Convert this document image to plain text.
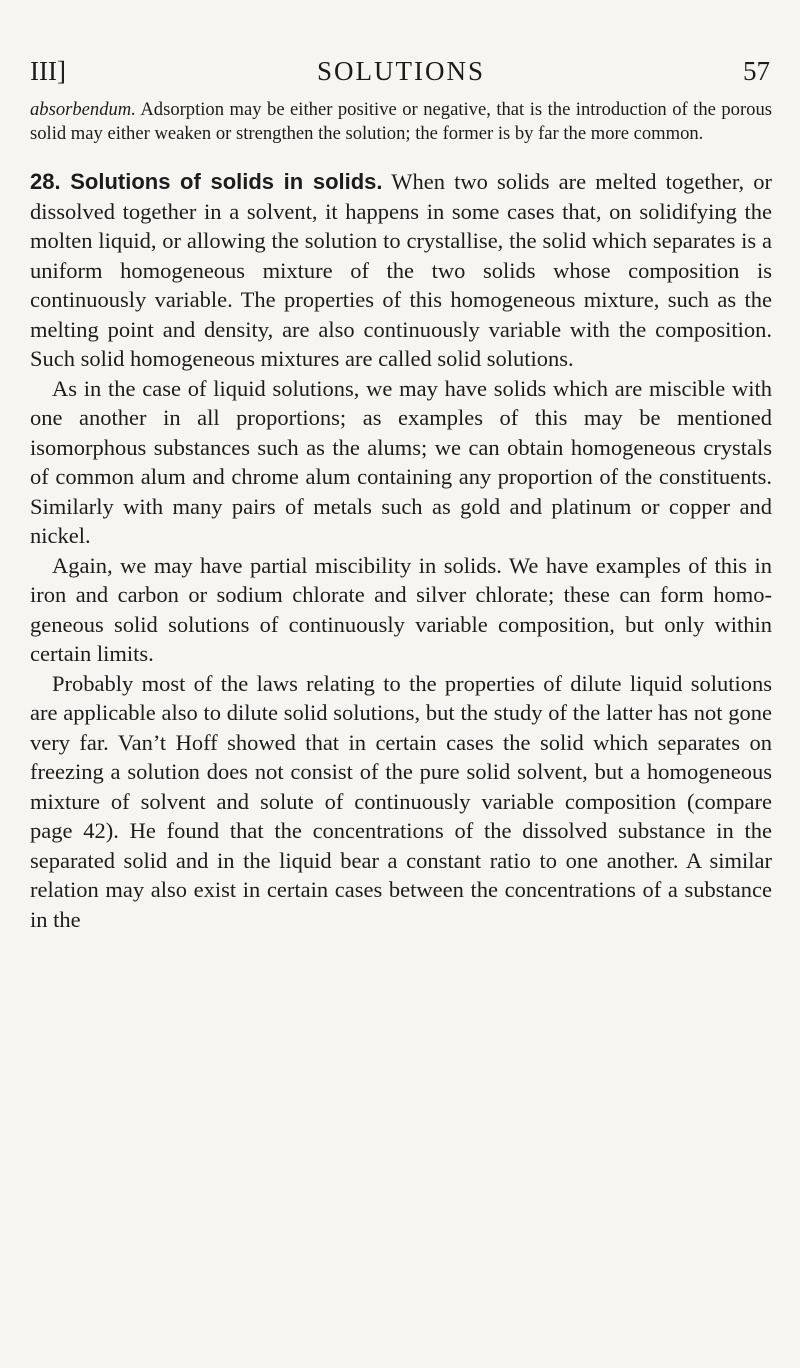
III]	SOLUTIONS	57

absorbendum. Adsorption may be either positive or negative, that is the introduction of the porous solid may either weaken or strengthen the solution; the former is by far the more common.

28. Solutions of solids in solids. When two solids are melted together, or dissolved together in a solvent, it happens in some cases that, on solidifying the molten liquid, or allowing the solution to crystallise, the solid which separates is a uniform homogeneous mixture of the two solids whose composition is continuously variable. The properties of this homogeneous mixture, such as the melting point and density, are also continuously variable with the composition. Such solid homogeneous mixtures are called solid solutions.

As in the case of liquid solutions, we may have solids which are miscible with one another in all proportions; as examples of this may be mentioned isomorphous substances such as the alums; we can obtain homogeneous crystals of common alum and chrome alum containing any proportion of the constituents. Similarly with many pairs of metals such as gold and platinum or copper and nickel.

Again, we may have partial miscibility in solids. We have examples of this in iron and carbon or sodium chlorate and silver chlorate; these can form homogeneous solid solutions of continuously variable composition, but only within certain limits.

Probably most of the laws relating to the properties of dilute liquid solutions are applicable also to dilute solid solutions, but the study of the latter has not gone very far. Van’t Hoff showed that in certain cases the solid which separates on freezing a solution does not consist of the pure solid solvent, but a homogeneous mixture of solvent and solute of continuously variable composition (compare page 42). He found that the concentrations of the dissolved substance in the separated solid and in the liquid bear a constant ratio to one another. A similar relation may also exist in certain cases between the concentrations of a substance in the
